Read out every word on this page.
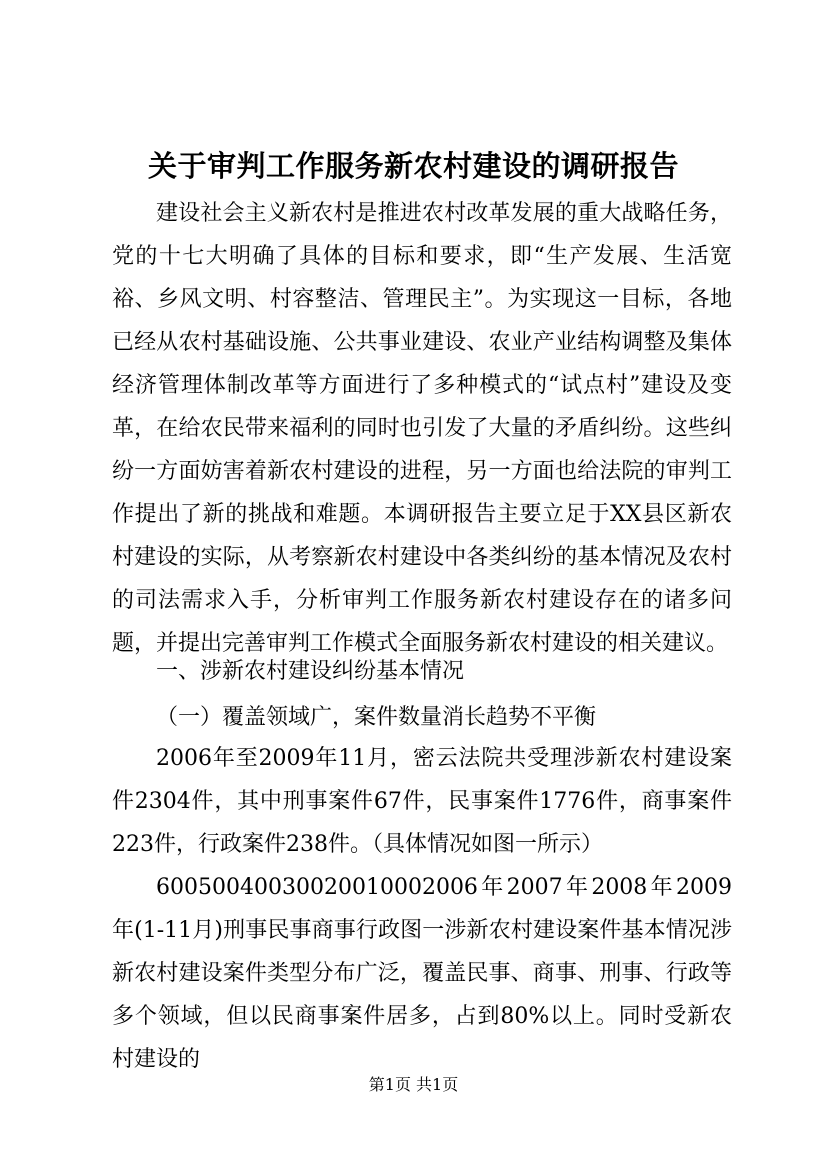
关于审判工作服务新农村建设的调研报告

建设社会主义新农村是推进农村改革发展的重大战略任务，党的十七大明确了具体的目标和要求，即“生产发展、生活宽裕、乡风文明、村容整洁、管理民主”。为实现这一目标，各地已经从农村基础设施、公共事业建设、农业产业结构调整及集体经济管理体制改革等方面进行了多种模式的“试点村”建设及变革，在给农民带来福利的同时也引发了大量的矛盾纠纷。这些纠纷一方面妨害着新农村建设的进程，另一方面也给法院的审判工作提出了新的挑战和难题。本调研报告主要立足于XX县区新农村建设的实际，从考察新农村建设中各类纠纷的基本情况及农村的司法需求入手，分析审判工作服务新农村建设存在的诸多问题，并提出完善审判工作模式全面服务新农村建设的相关建议。

一、涉新农村建设纠纷基本情况

（一）覆盖领域广，案件数量消长趋势不平衡

2006年至2009年11月，密云法院共受理涉新农村建设案件2304件，其中刑事案件67件，民事案件1776件，商事案件223件，行政案件238件。（具体情况如图一所示）

60050040030020010002006年2007年2008年2009年(1-11月)刑事民事商事行政图一涉新农村建设案件基本情况涉新农村建设案件类型分布广泛，覆盖民事、商事、刑事、行政等多个领域，但以民商事案件居多，占到80%以上。同时受新农村建设的

第1页 共1页
